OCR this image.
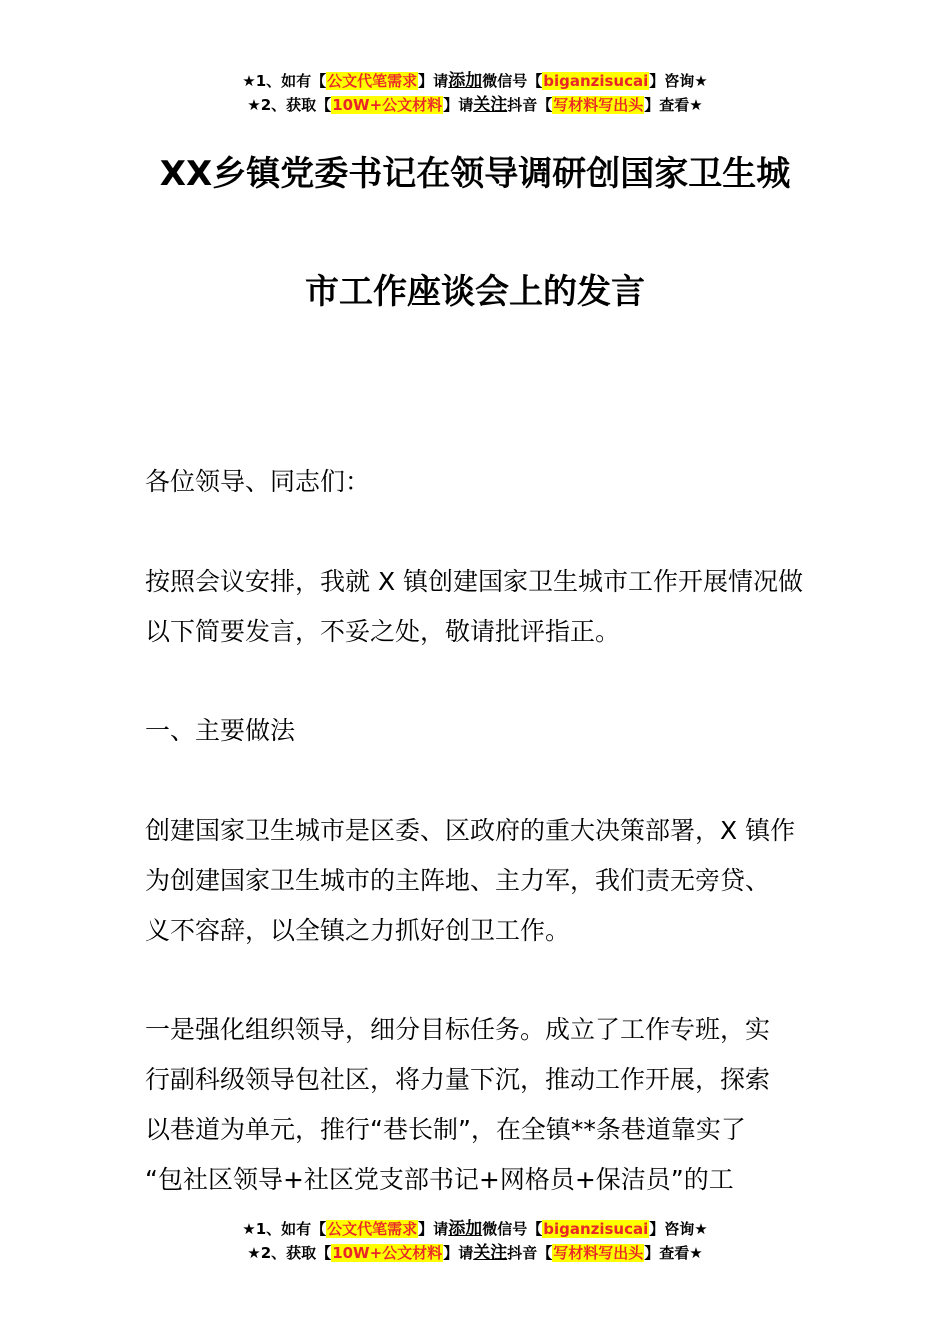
★1、如有【公文代笔需求】请添加微信号【biganzisucai】咨询★
★2、获取【10W+公文材料】请关注抖音【写材料写出头】查看★
XX乡镇党委书记在领导调研创国家卫生城
市工作座谈会上的发言

各位领导、同志们：

按照会议安排，我就 X 镇创建国家卫生城市工作开展情况做

以下简要发言，不妥之处，敬请批评指正。

一、主要做法

创建国家卫生城市是区委、区政府的重大决策部署，X 镇作

为创建国家卫生城市的主阵地、主力军，我们责无旁贷、

义不容辞，以全镇之力抓好创卫工作。

一是强化组织领导，细分目标任务。成立了工作专班，实

行副科级领导包社区，将力量下沉，推动工作开展，探索

以巷道为单元，推行“巷长制”，在全镇**条巷道靠实了

“包社区领导+社区党支部书记+网格员+保洁员”的工

★1、如有【公文代笔需求】请添加微信号【biganzisucai】咨询★
★2、获取【10W+公文材料】请关注抖音【写材料写出头】查看★
